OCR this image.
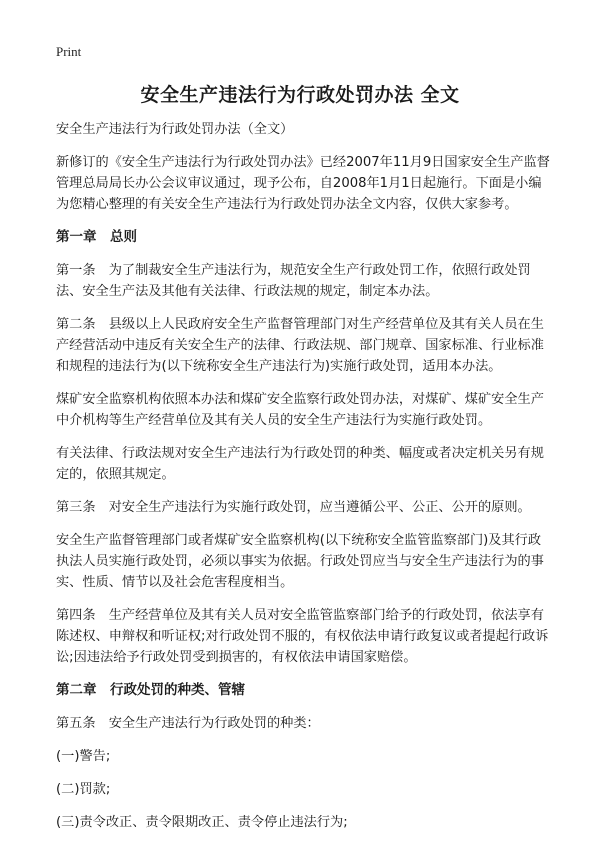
Print
安全生产违法行为行政处罚办法 全文

安全生产违法行为行政处罚办法（全文）

新修订的《安全生产违法行为行政处罚办法》已经2007年11月9日国家安全生产监督管理总局局长办公会议审议通过，现予公布，自2008年1月1日起施行。下面是小编为您精心整理的有关安全生产违法行为行政处罚办法全文内容，仅供大家参考。

第一章　总则

第一条　为了制裁安全生产违法行为，规范安全生产行政处罚工作，依照行政处罚法、安全生产法及其他有关法律、行政法规的规定，制定本办法。

第二条　县级以上人民政府安全生产监督管理部门对生产经营单位及其有关人员在生产经营活动中违反有关安全生产的法律、行政法规、部门规章、国家标准、行业标准和规程的违法行为(以下统称安全生产违法行为)实施行政处罚，适用本办法。

煤矿安全监察机构依照本办法和煤矿安全监察行政处罚办法，对煤矿、煤矿安全生产中介机构等生产经营单位及其有关人员的安全生产违法行为实施行政处罚。

有关法律、行政法规对安全生产违法行为行政处罚的种类、幅度或者决定机关另有规定的，依照其规定。

第三条　对安全生产违法行为实施行政处罚，应当遵循公平、公正、公开的原则。

安全生产监督管理部门或者煤矿安全监察机构(以下统称安全监管监察部门)及其行政执法人员实施行政处罚，必须以事实为依据。行政处罚应当与安全生产违法行为的事实、性质、情节以及社会危害程度相当。

第四条　生产经营单位及其有关人员对安全监管监察部门给予的行政处罚，依法享有陈述权、申辩权和听证权;对行政处罚不服的，有权依法申请行政复议或者提起行政诉讼;因违法给予行政处罚受到损害的，有权依法申请国家赔偿。

第二章　行政处罚的种类、管辖

第五条　安全生产违法行为行政处罚的种类：

(一)警告;

(二)罚款;

(三)责令改正、责令限期改正、责令停止违法行为;
